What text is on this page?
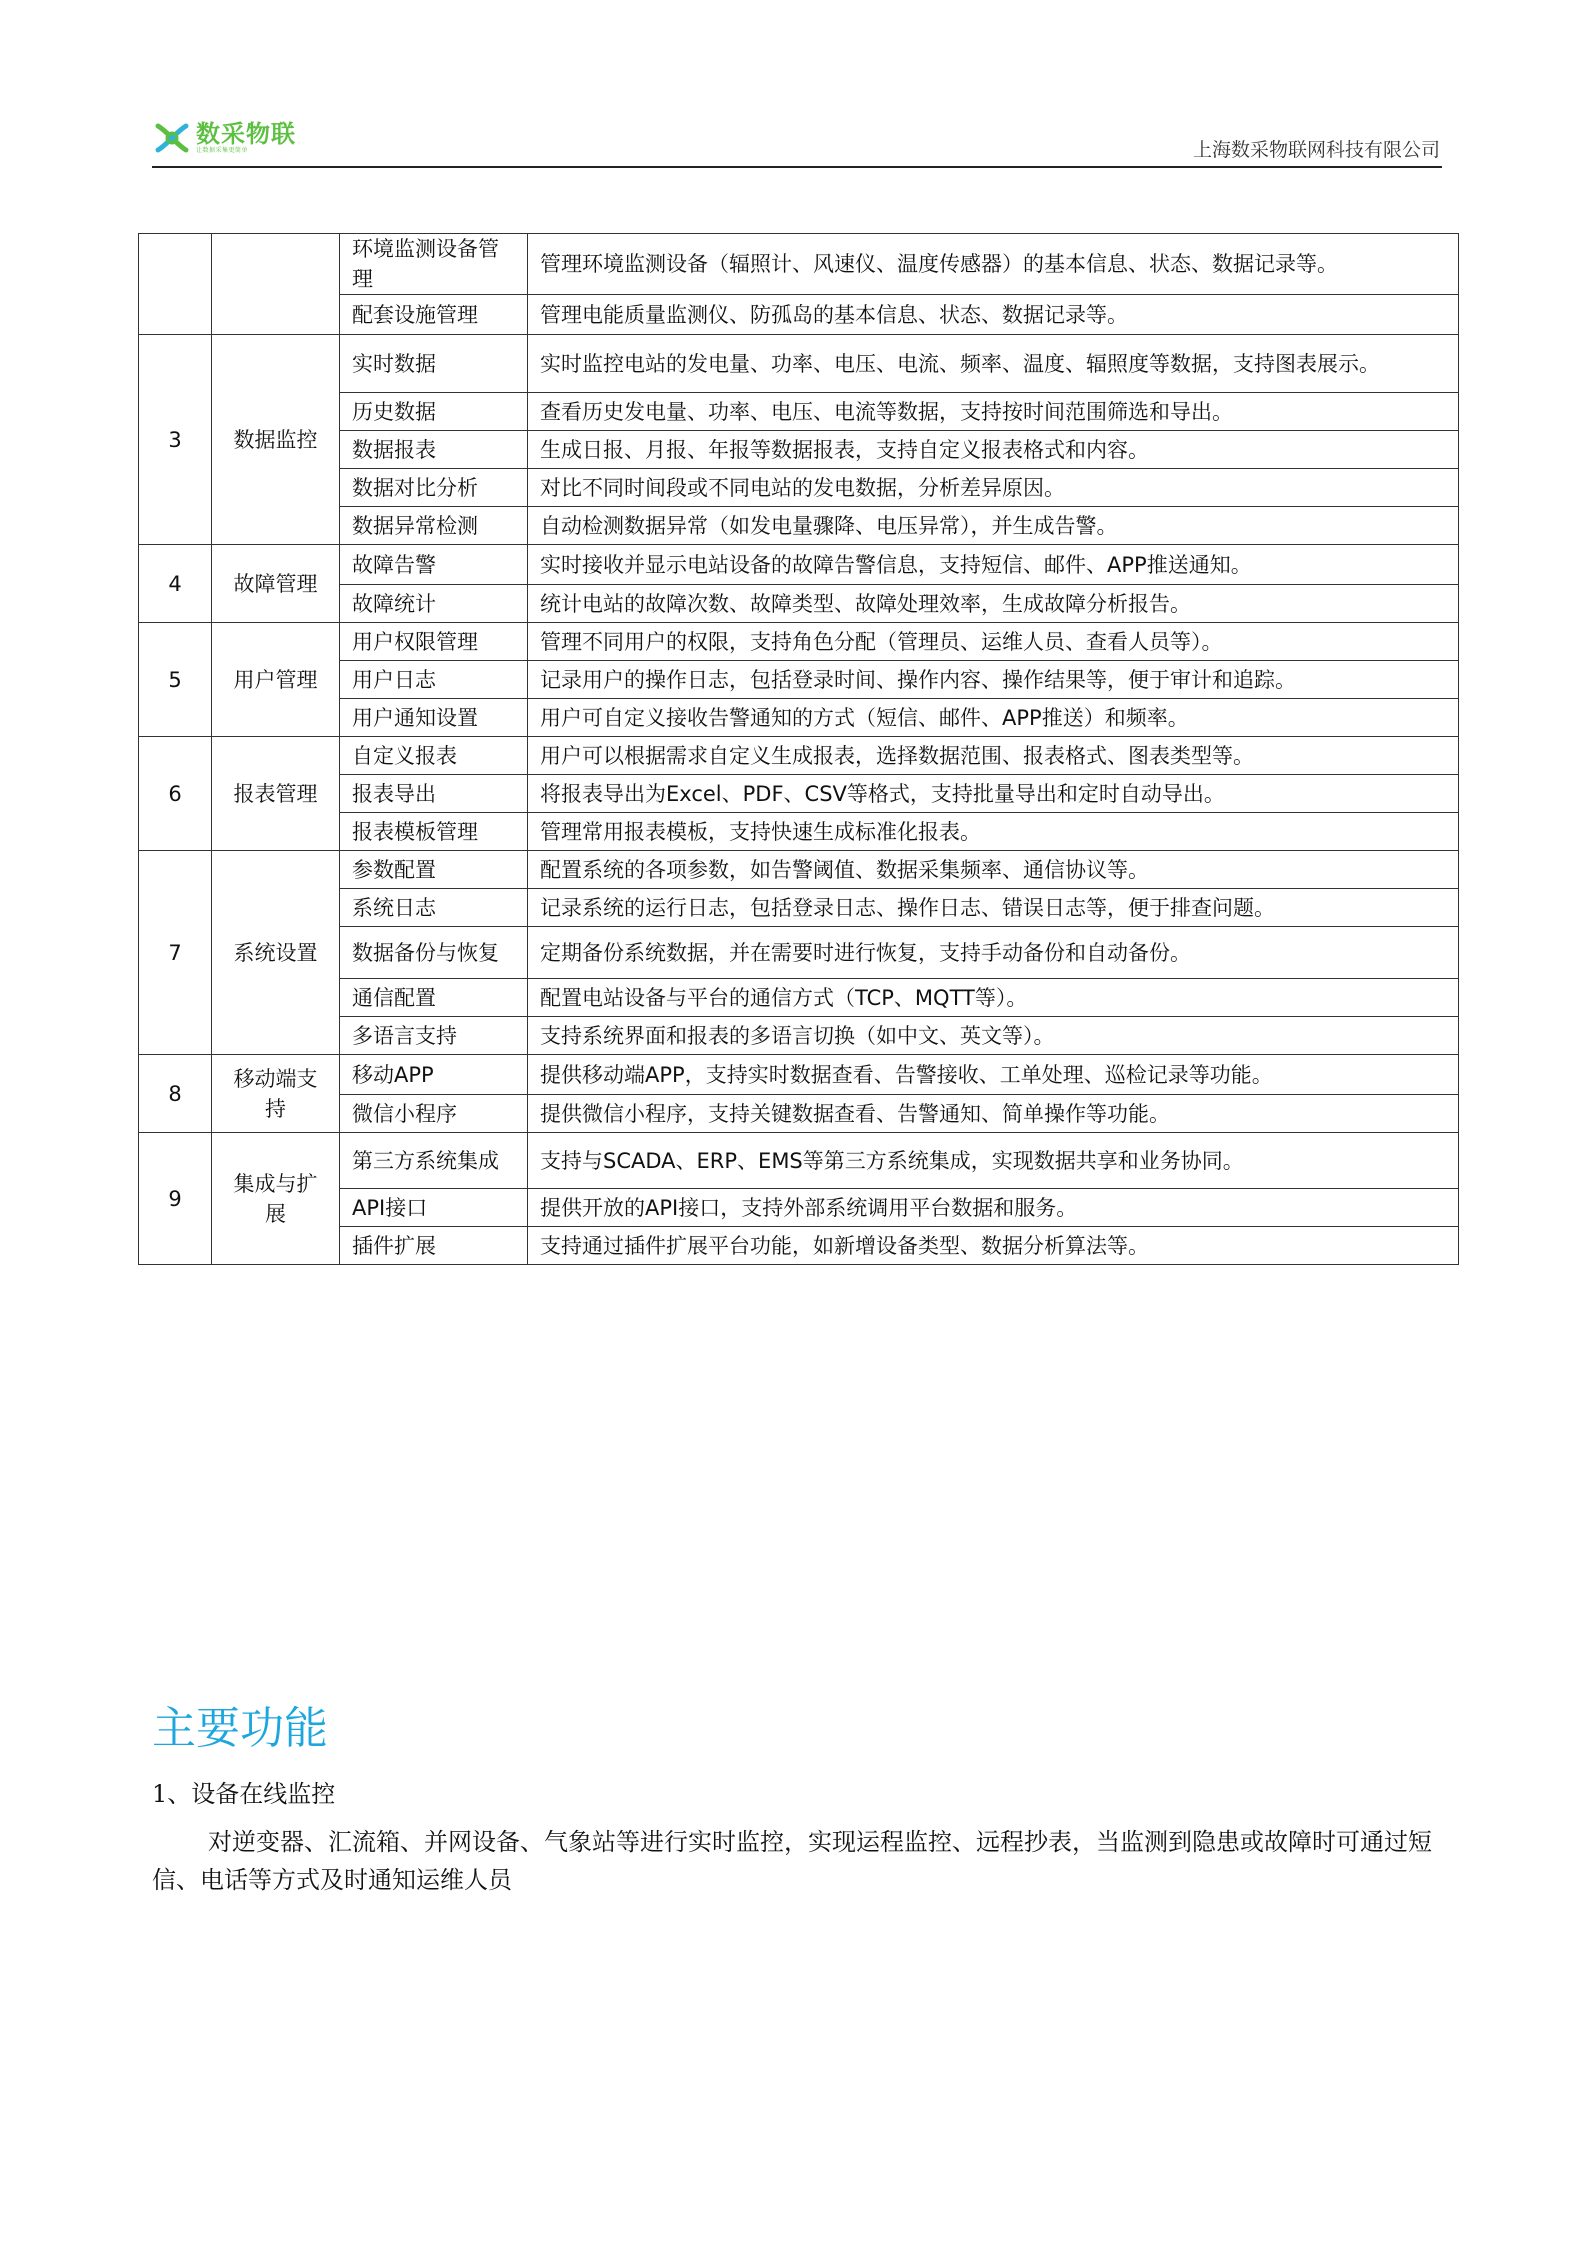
数采物联
让数据采集更简单	上海数采物联网科技有限公司
		环境监测设备管理	管理环境监测设备（辐照计、风速仪、温度传感器）的基本信息、状态、数据记录等。
		配套设施管理	管理电能质量监测仪、防孤岛的基本信息、状态、数据记录等。
3	数据监控	实时数据	实时监控电站的发电量、功率、电压、电流、频率、温度、辐照度等数据，支持图表展示。
		历史数据	查看历史发电量、功率、电压、电流等数据，支持按时间范围筛选和导出。
		数据报表	生成日报、月报、年报等数据报表，支持自定义报表格式和内容。
		数据对比分析	对比不同时间段或不同电站的发电数据，分析差异原因。
		数据异常检测	自动检测数据异常（如发电量骤降、电压异常），并生成告警。
4	故障管理	故障告警	实时接收并显示电站设备的故障告警信息，支持短信、邮件、APP推送通知。
		故障统计	统计电站的故障次数、故障类型、故障处理效率，生成故障分析报告。
5	用户管理	用户权限管理	管理不同用户的权限，支持角色分配（管理员、运维人员、查看人员等）。
		用户日志	记录用户的操作日志，包括登录时间、操作内容、操作结果等，便于审计和追踪。
		用户通知设置	用户可自定义接收告警通知的方式（短信、邮件、APP推送）和频率。
6	报表管理	自定义报表	用户可以根据需求自定义生成报表，选择数据范围、报表格式、图表类型等。
		报表导出	将报表导出为Excel、PDF、CSV等格式，支持批量导出和定时自动导出。
		报表模板管理	管理常用报表模板，支持快速生成标准化报表。
7	系统设置	参数配置	配置系统的各项参数，如告警阈值、数据采集频率、通信协议等。
		系统日志	记录系统的运行日志，包括登录日志、操作日志、错误日志等，便于排查问题。
		数据备份与恢复	定期备份系统数据，并在需要时进行恢复，支持手动备份和自动备份。
		通信配置	配置电站设备与平台的通信方式（TCP、MQTT等）。
		多语言支持	支持系统界面和报表的多语言切换（如中文、英文等）。
8	移动端支持	移动APP	提供移动端APP，支持实时数据查看、告警接收、工单处理、巡检记录等功能。
		微信小程序	提供微信小程序，支持关键数据查看、告警通知、简单操作等功能。
9	集成与扩展	第三方系统集成	支持与SCADA、ERP、EMS等第三方系统集成，实现数据共享和业务协同。
		API接口	提供开放的API接口，支持外部系统调用平台数据和服务。
		插件扩展	支持通过插件扩展平台功能，如新增设备类型、数据分析算法等。
主要功能
1、设备在线监控

对逆变器、汇流箱、并网设备、气象站等进行实时监控，实现运程监控、远程抄表，当监测到隐患或故障时可通过短信、电话等方式及时通知运维人员
